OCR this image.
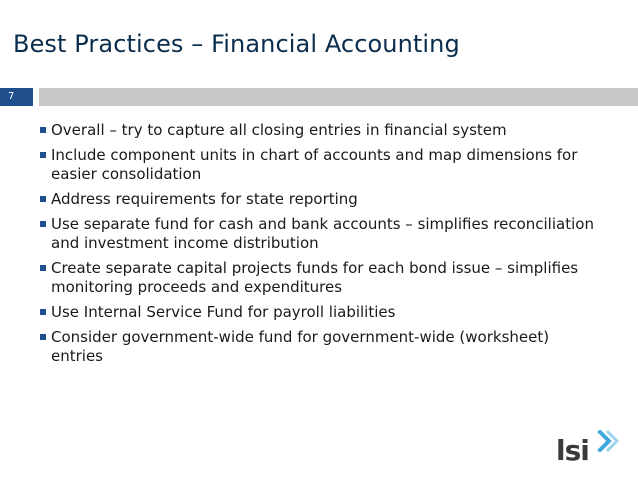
Best Practices – Financial Accounting
7
Overall – try to capture all closing entries in financial system
Include component units in chart of accounts and map dimensions for easier consolidation
Address requirements for state reporting
Use separate fund for cash and bank accounts – simplifies reconciliation and investment income distribution
Create separate capital projects funds for each bond issue – simplifies monitoring proceeds and expenditures
Use Internal Service Fund for payroll liabilities
Consider government-wide fund for government-wide (worksheet) entries
lsi
